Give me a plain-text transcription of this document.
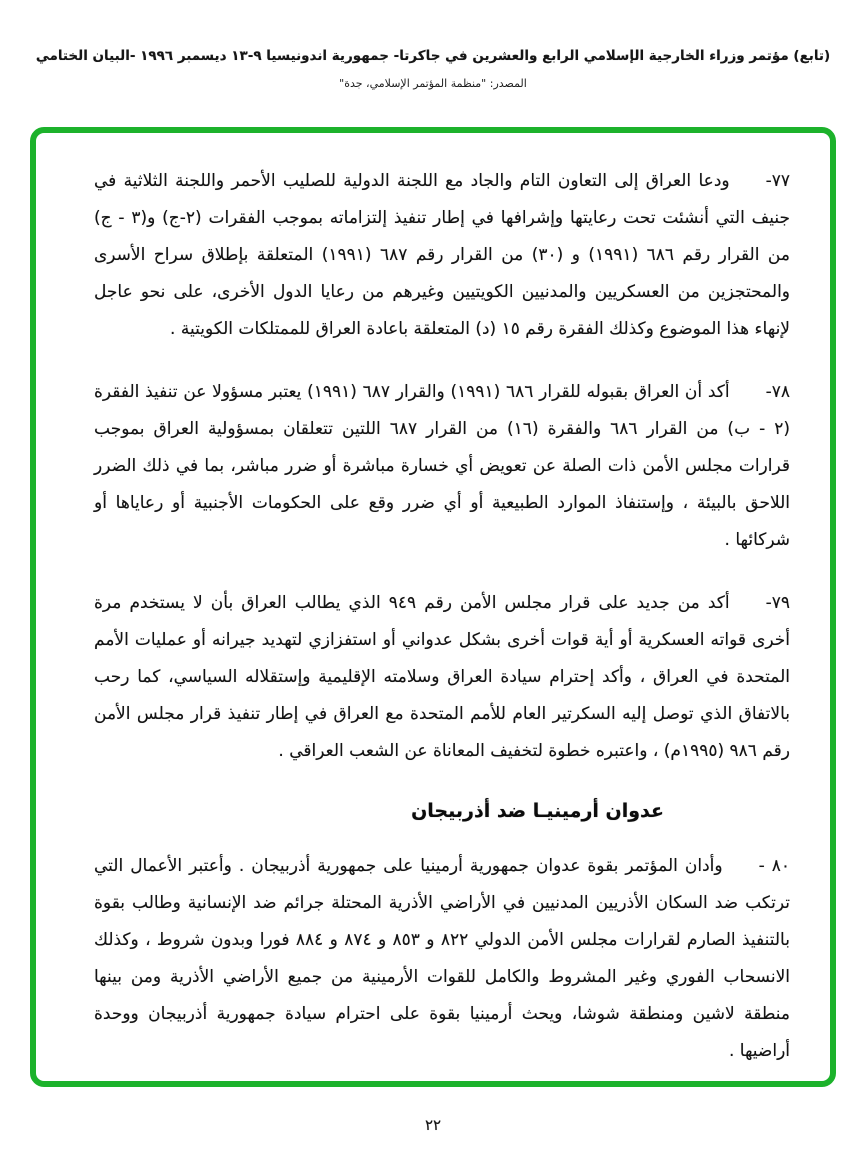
(تابع) مؤتمر وزراء الخارجية الإسلامي الرابع والعشرين في جاكرتا- جمهورية اندونيسيا ٩-١٣ ديسمبر ١٩٩٦ -البيان الختامي
المصدر: "منظمة المؤتمر الإسلامي، جدة"

٧٧-ودعا العراق إلى التعاون التام والجاد مع اللجنة الدولية للصليب الأحمر واللجنة الثلاثية في جنيف التي أنشئت تحت رعايتها وإشرافها في إطار تنفيذ إلتزاماته بموجب الفقرات (٢-ج) و(٣ - ج) من القرار رقم ٦٨٦ (١٩٩١) و (٣٠) من القرار رقم ٦٨٧ (١٩٩١) المتعلقة بإطلاق سراح الأسرى والمحتجزين من العسكريين والمدنيين الكويتيين وغيرهم من رعايا الدول الأخرى، على نحو عاجل لإنهاء هذا الموضوع وكذلك الفقرة رقم ١٥ (د) المتعلقة باعادة العراق للممتلكات الكويتية .

٧٨-أكد أن العراق بقبوله للقرار ٦٨٦ (١٩٩١) والقرار ٦٨٧ (١٩٩١) يعتبر مسؤولا عن تنفيذ الفقرة (٢ - ب) من القرار ٦٨٦ والفقرة (١٦) من القرار ٦٨٧ اللتين تتعلقان بمسؤولية العراق بموجب قرارات مجلس الأمن ذات الصلة عن تعويض أي خسارة مباشرة أو ضرر مباشر، بما في ذلك الضرر اللاحق بالبيئة ، وإستنفاذ الموارد الطبيعية أو أي ضرر وقع على الحكومات الأجنبية أو رعاياها أو شركائها .

٧٩-أكد من جديد على قرار مجلس الأمن رقم ٩٤٩ الذي يطالب العراق بأن لا يستخدم مرة أخرى قواته العسكرية أو أية قوات أخرى بشكل عدواني أو استفزازي لتهديد جيرانه أو عمليات الأمم المتحدة في العراق ، وأكد إحترام سيادة العراق وسلامته الإقليمية وإستقلاله السياسي، كما رحب بالاتفاق الذي توصل إليه السكرتير العام للأمم المتحدة مع العراق في إطار تنفيذ قرار مجلس الأمن رقم ٩٨٦ (١٩٩٥م) ، واعتبره خطوة لتخفيف المعاناة عن الشعب العراقي .

عدوان أرمينيـا ضد أذربيجان

٨٠ -وأدان المؤتمر بقوة عدوان جمهورية أرمينيا على جمهورية أذربيجان . وأعتبر الأعمال التي ترتكب ضد السكان الأذريين المدنيين في الأراضي الأذرية المحتلة جرائم ضد الإنسانية وطالب بقوة بالتنفيذ الصارم لقرارات مجلس الأمن الدولي ٨٢٢ و ٨٥٣ و ٨٧٤ و ٨٨٤ فورا وبدون شروط ، وكذلك الانسحاب الفوري وغير المشروط والكامل للقوات الأرمينية من جميع الأراضي الأذرية ومن بينها منطقة لاشين ومنطقة شوشا، ويحث أرمينيا بقوة على احترام سيادة جمهورية أذربيجان ووحدة أراضيها .

٢٢
